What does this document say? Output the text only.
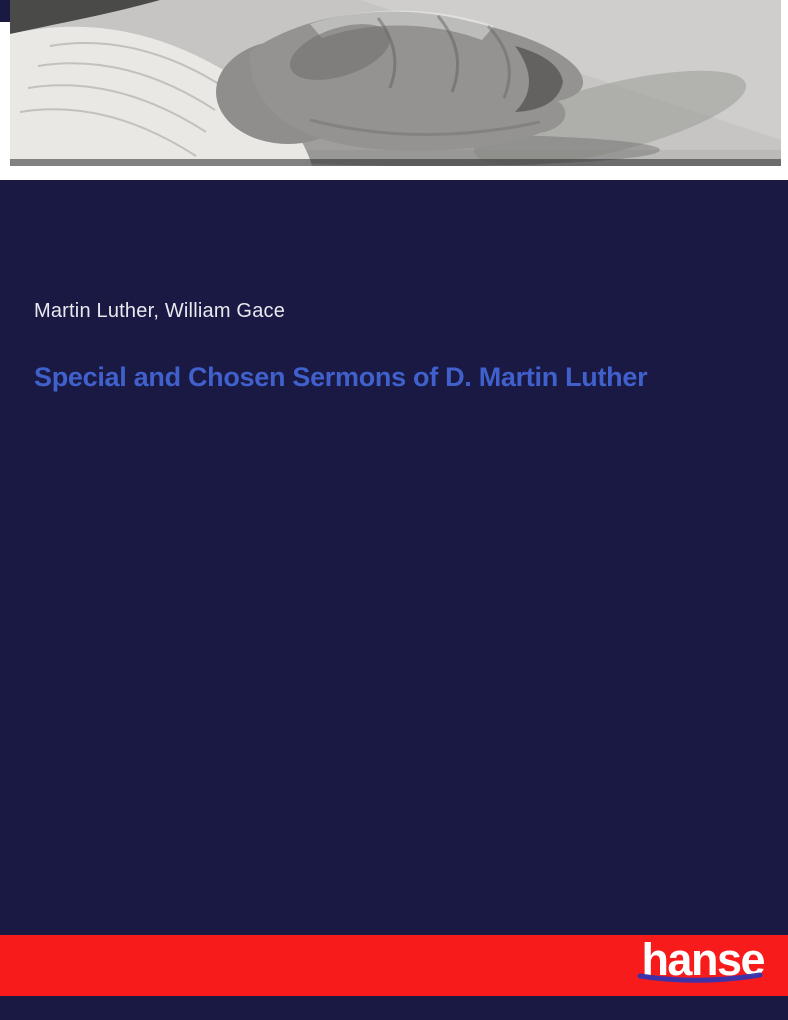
Martin Luther, William Gace

Special and Chosen Sermons of D. Martin Luther
hanse
